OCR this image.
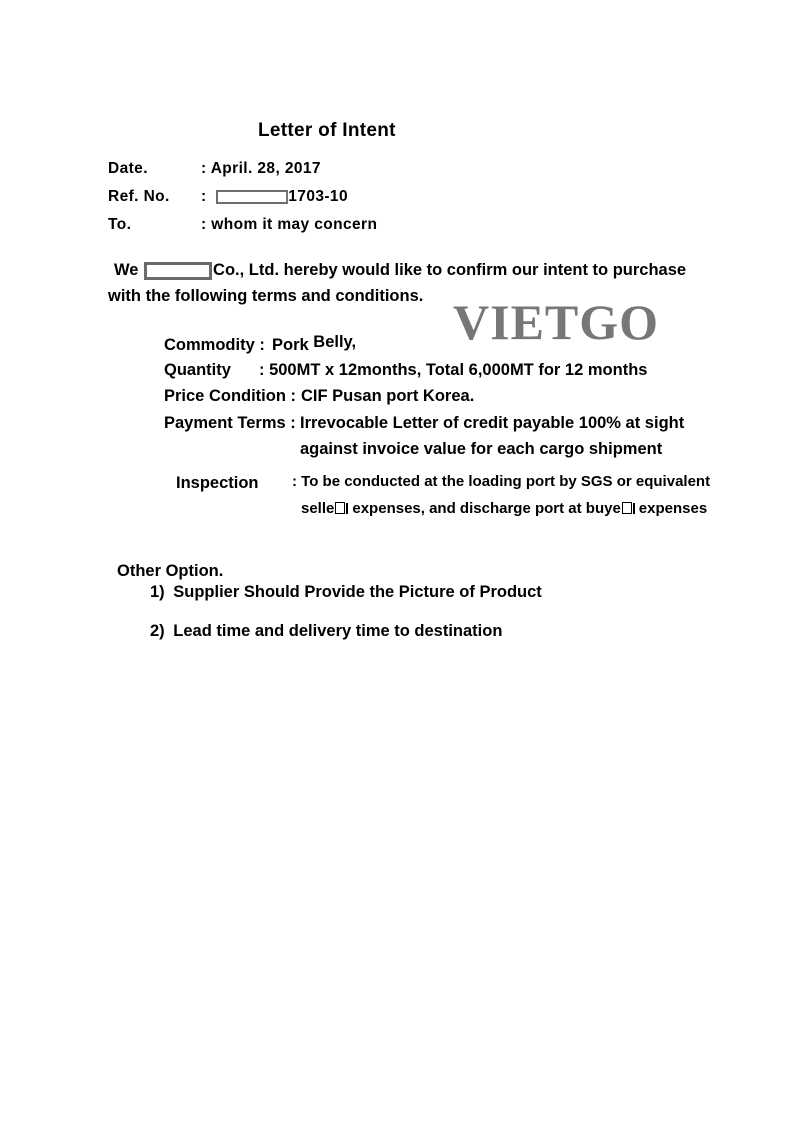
Letter of Intent
Date.	: April. 28, 2017
Ref. No. :	1703-10
To.	: whom it may concern
We	Co., Ltd. hereby would like to confirm our intent to purchase
with the following terms and conditions. VIETGO
Commodity : Pork Belly,
Quantity : 500MT x 12months, Total 6,000MT for 12 months
Price Condition : CIF Pusan port Korea.
Payment Terms : Irrevocable Letter of credit payable 100% at sight
against invoice value for each cargo shipment
Inspection : To be conducted at the loading port by SGS or equivalent
selle expenses, and discharge port at buye expenses
Other Option.
1) Supplier Should Provide the Picture of Product
2) Lead time and delivery time to destination
